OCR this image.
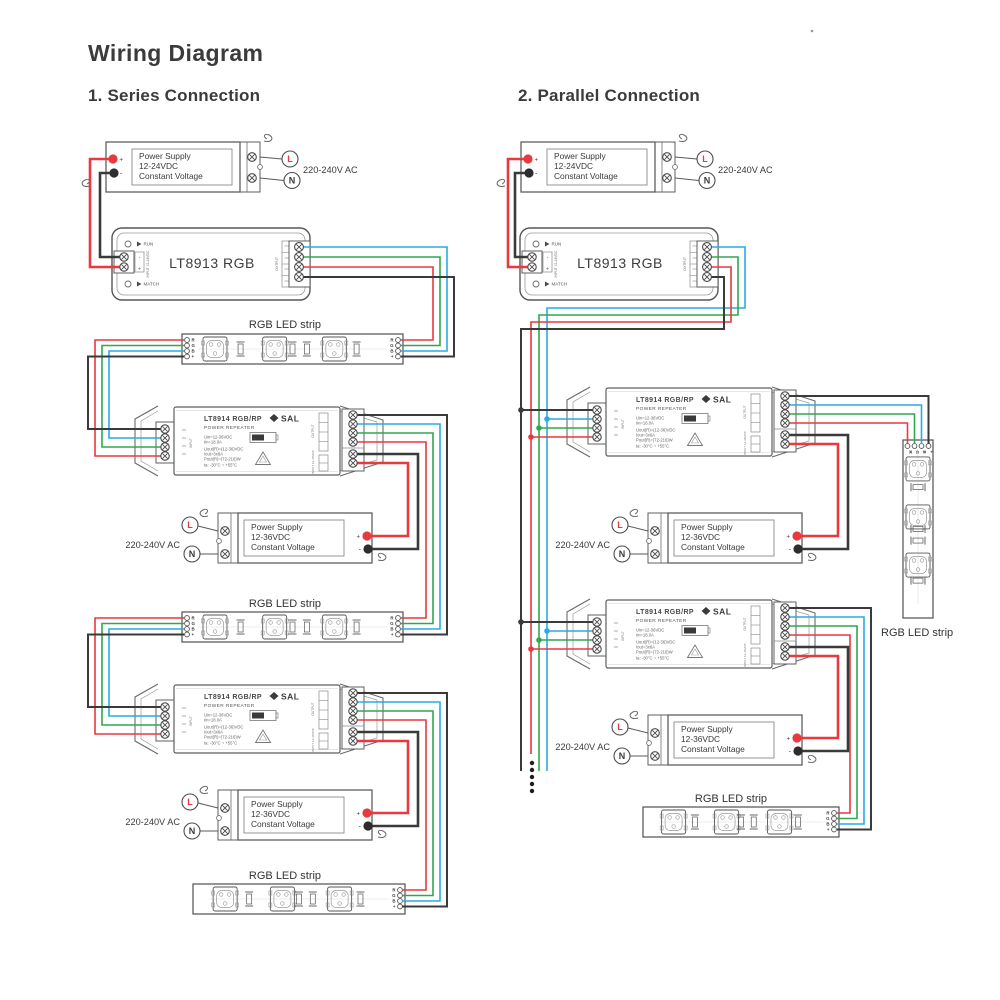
Wiring Diagram
1. Series Connection	2. Parallel Connection
Power Supply
12-24VDC
Constant Voltage
+
-
L
N
220-240V AC
RUN
MATCH
-
+ INPUT 12-24VDC LT8913 RGB	OUTPUT
RGB LED strip
R	R
G	G
B	B
+	+
INPUT
LT8914 RGB/RP SAL
POWER REPEATER
Uin=12-36VDC
Iin=18.0A
Uout(R)=(12-36)VDC
Iout=3x6A
Pout(R)=(72-216)W
ta: -30°C ~ +55°C
OUTPUT
INPUT 12-36VDC
Power Supply
12-36VDC
Constant Voltage
+
-
L
N
220-240V AC
RGB LED strip
R	R
G	G
B	B
+	+
INPUT
LT8914 RGB/RP SAL
POWER REPEATER
Uin=12-36VDC
Iin=18.0A
Uout(R)=(12-36)VDC
Iout=3x6A
Pout(R)=(72-216)W
ta: -30°C ~ +55°C
OUTPUT
INPUT 12-36VDC
Power Supply
12-36VDC
Constant Voltage
+
-
L
N
220-240V AC
RGB LED strip
R
G
B
+
Power Supply
12-24VDC
Constant Voltage
+
-
L
N
220-240V AC
RUN
MATCH
-
+ INPUT 12-24VDC LT8913 RGB	OUTPUT
INPUT
LT8914 RGB/RP SAL
POWER REPEATER
Uin=12-36VDC
Iin=18.0A
Uout(R)=(12-36)VDC
Iout=3x6A
Pout(R)=(72-216)W
ta: -30°C ~ +55°C
OUTPUT
INPUT 12-36VDC
Power Supply
12-36VDC
Constant Voltage
+
-
L
N
220-240V AC
INPUT
LT8914 RGB/RP SAL
POWER REPEATER
Uin=12-36VDC
Iin=18.0A
Uout(R)=(12-36)VDC
Iout=3x6A
Pout(R)=(72-216)W
ta: -30°C ~ +55°C
OUTPUT
INPUT 12-36VDC
Power Supply
12-36VDC
Constant Voltage
+
-
L
N
220-240V AC
RGB LED strip
R
G
B
+
RGB LED strip
R G B +
